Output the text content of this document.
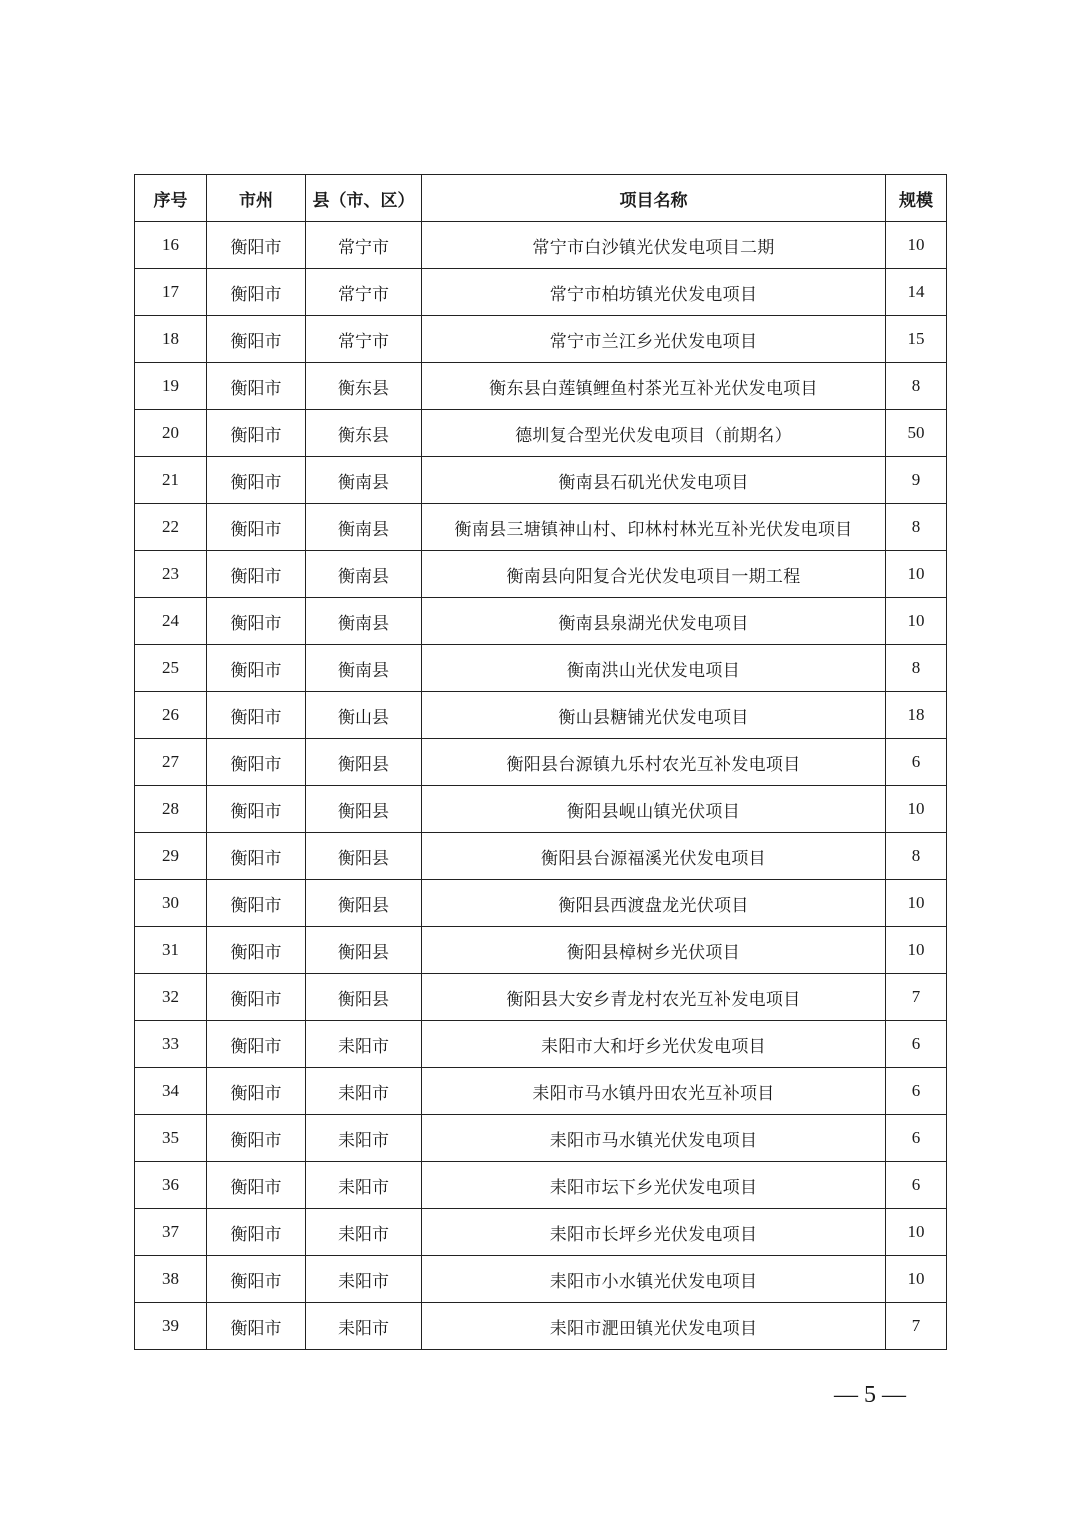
序号	市州	县（市、区）	项目名称	规模
16	衡阳市	常宁市	常宁市白沙镇光伏发电项目二期	10
17	衡阳市	常宁市	常宁市柏坊镇光伏发电项目	14
18	衡阳市	常宁市	常宁市兰江乡光伏发电项目	15
19	衡阳市	衡东县	衡东县白莲镇鲤鱼村茶光互补光伏发电项目	8
20	衡阳市	衡东县	德圳复合型光伏发电项目（前期名）	50
21	衡阳市	衡南县	衡南县石矶光伏发电项目	9
22	衡阳市	衡南县	衡南县三塘镇神山村、印林村林光互补光伏发电项目	8
23	衡阳市	衡南县	衡南县向阳复合光伏发电项目一期工程	10
24	衡阳市	衡南县	衡南县泉湖光伏发电项目	10
25	衡阳市	衡南县	衡南洪山光伏发电项目	8
26	衡阳市	衡山县	衡山县糖铺光伏发电项目	18
27	衡阳市	衡阳县	衡阳县台源镇九乐村农光互补发电项目	6
28	衡阳市	衡阳县	衡阳县岘山镇光伏项目	10
29	衡阳市	衡阳县	衡阳县台源福溪光伏发电项目	8
30	衡阳市	衡阳县	衡阳县西渡盘龙光伏项目	10
31	衡阳市	衡阳县	衡阳县樟树乡光伏项目	10
32	衡阳市	衡阳县	衡阳县大安乡青龙村农光互补发电项目	7
33	衡阳市	耒阳市	耒阳市大和圩乡光伏发电项目	6
34	衡阳市	耒阳市	耒阳市马水镇丹田农光互补项目	6
35	衡阳市	耒阳市	耒阳市马水镇光伏发电项目	6
36	衡阳市	耒阳市	耒阳市坛下乡光伏发电项目	6
37	衡阳市	耒阳市	耒阳市长坪乡光伏发电项目	10
38	衡阳市	耒阳市	耒阳市小水镇光伏发电项目	10
39	衡阳市	耒阳市	耒阳市淝田镇光伏发电项目	7
— 5 —
